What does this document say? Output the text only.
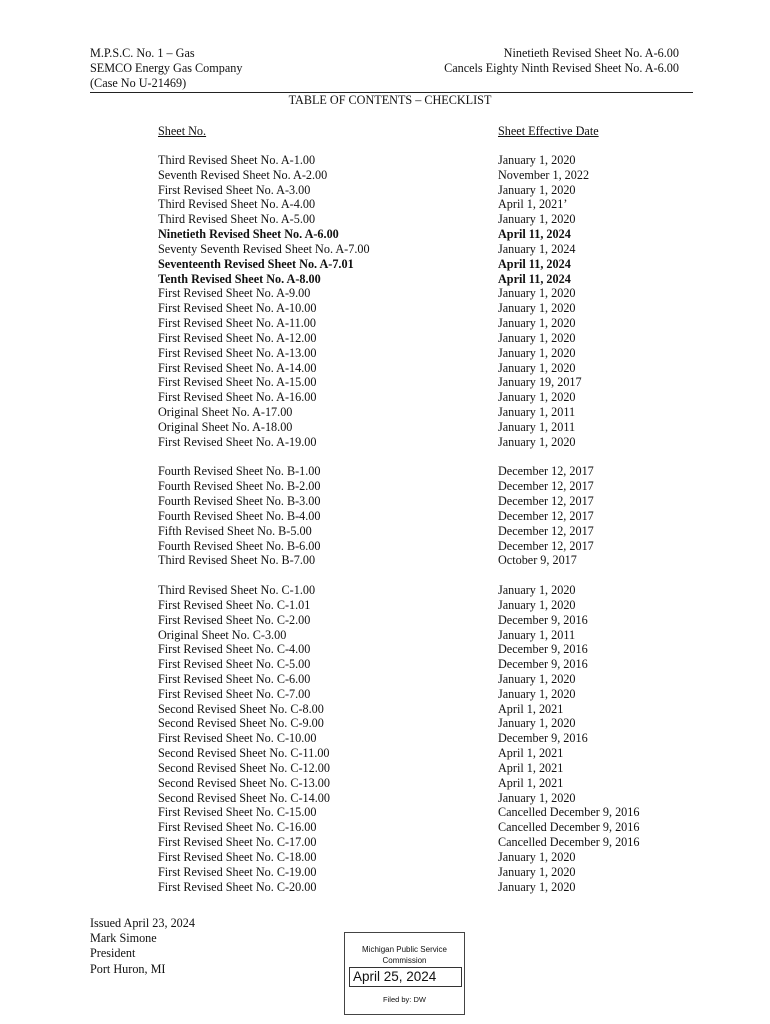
M.P.S.C. No. 1 – Gas
SEMCO Energy Gas Company
(Case No U-21469)
Ninetieth Revised Sheet No. A-6.00
Cancels Eighty Ninth Revised Sheet No. A-6.00
TABLE OF CONTENTS – CHECKLIST
Sheet No.	Sheet Effective Date
Third Revised Sheet No. A-1.00	January 1, 2020
Seventh Revised Sheet No. A-2.00	November 1, 2022
First Revised Sheet No. A-3.00	January 1, 2020
Third Revised Sheet No. A-4.00	April 1, 2021’
Third Revised Sheet No. A-5.00	January 1, 2020
Ninetieth Revised Sheet No. A-6.00	April 11, 2024
Seventy Seventh Revised Sheet No. A-7.00	January 1, 2024
Seventeenth Revised Sheet No. A-7.01	April 11, 2024
Tenth Revised Sheet No. A-8.00	April 11, 2024
First Revised Sheet No. A-9.00	January 1, 2020
First Revised Sheet No. A-10.00	January 1, 2020
First Revised Sheet No. A-11.00	January 1, 2020
First Revised Sheet No. A-12.00	January 1, 2020
First Revised Sheet No. A-13.00	January 1, 2020
First Revised Sheet No. A-14.00	January 1, 2020
First Revised Sheet No. A-15.00	January 19, 2017
First Revised Sheet No. A-16.00	January 1, 2020
Original Sheet No. A-17.00	January 1, 2011
Original Sheet No. A-18.00	January 1, 2011
First Revised Sheet No. A-19.00	January 1, 2020
Fourth Revised Sheet No. B-1.00	December 12, 2017
Fourth Revised Sheet No. B-2.00	December 12, 2017
Fourth Revised Sheet No. B-3.00	December 12, 2017
Fourth Revised Sheet No. B-4.00	December 12, 2017
Fifth Revised Sheet No. B-5.00	December 12, 2017
Fourth Revised Sheet No. B-6.00	December 12, 2017
Third Revised Sheet No. B-7.00	October 9, 2017
Third Revised Sheet No. C-1.00	January 1, 2020
First Revised Sheet No. C-1.01	January 1, 2020
First Revised Sheet No. C-2.00	December 9, 2016
Original Sheet No. C-3.00	January 1, 2011
First Revised Sheet No. C-4.00	December 9, 2016
First Revised Sheet No. C-5.00	December 9, 2016
First Revised Sheet No. C-6.00	January 1, 2020
First Revised Sheet No. C-7.00	January 1, 2020
Second Revised Sheet No. C-8.00	April 1, 2021
Second Revised Sheet No. C-9.00	January 1, 2020
First Revised Sheet No. C-10.00	December 9, 2016
Second Revised Sheet No. C-11.00	April 1, 2021
Second Revised Sheet No. C-12.00	April 1, 2021
Second Revised Sheet No. C-13.00	April 1, 2021
Second Revised Sheet No. C-14.00	January 1, 2020
First Revised Sheet No. C-15.00	Cancelled December 9, 2016
First Revised Sheet No. C-16.00	Cancelled December 9, 2016
First Revised Sheet No. C-17.00	Cancelled December 9, 2016
First Revised Sheet No. C-18.00	January 1, 2020
First Revised Sheet No. C-19.00	January 1, 2020
First Revised Sheet No. C-20.00	January 1, 2020
Issued April 23, 2024
Mark Simone
President
Port Huron, MI
Michigan Public Service
Commission
April 25, 2024
Filed by: DW
